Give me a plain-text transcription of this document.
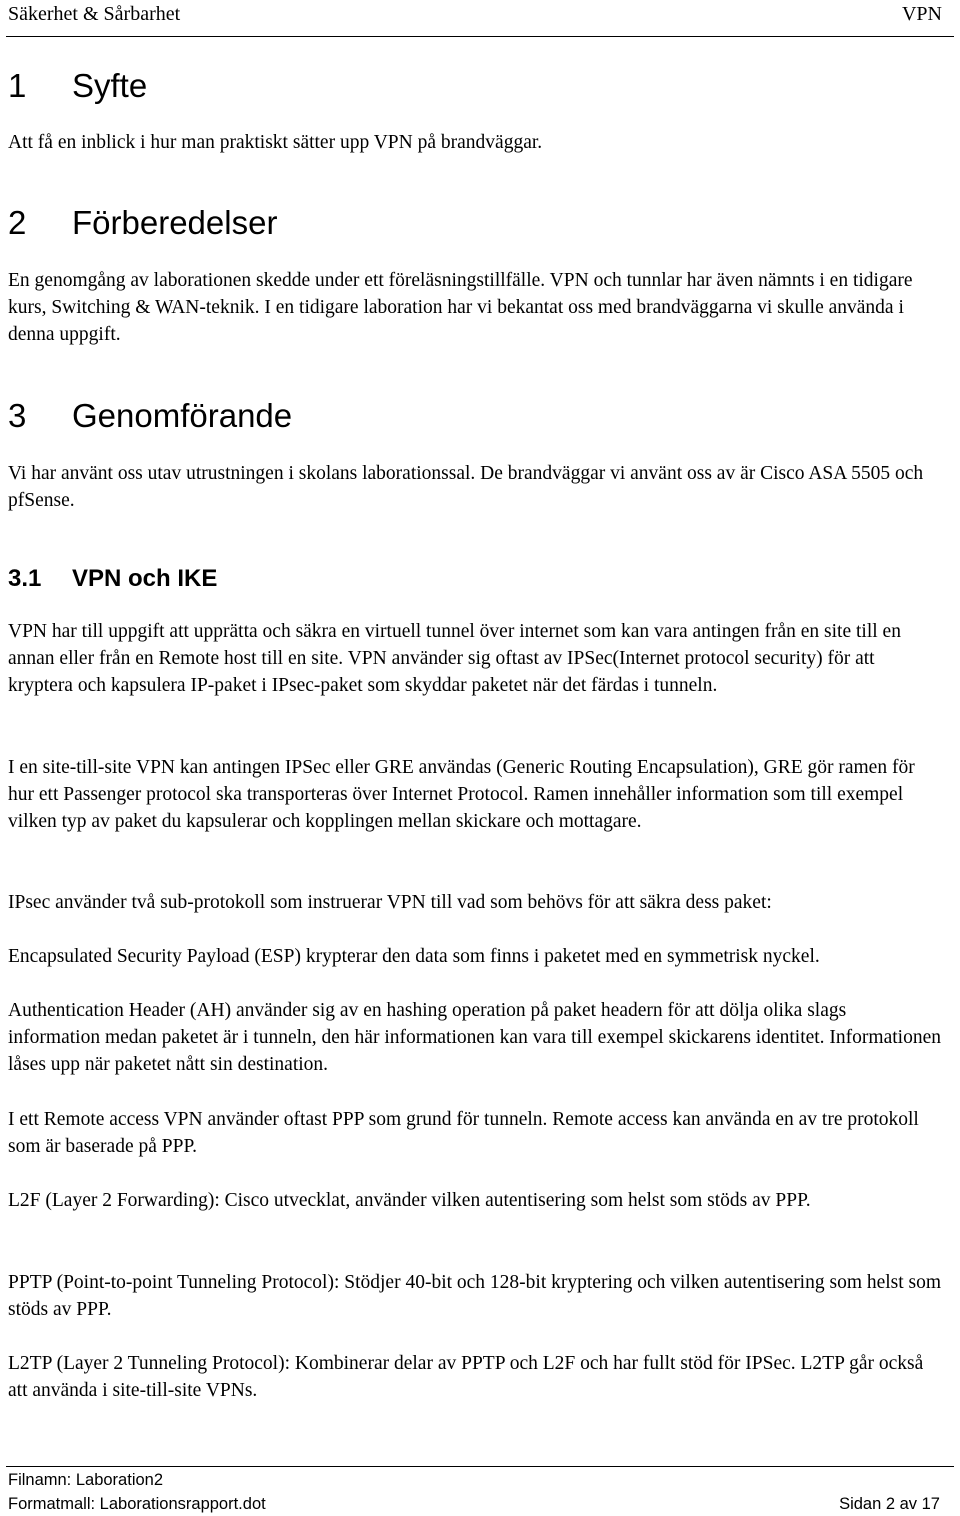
Säkerhet & Sårbarhet	VPN
1 Syfte
Att få en inblick i hur man praktiskt sätter upp VPN på brandväggar.
2 Förberedelser
En genomgång av laborationen skedde under ett föreläsningstillfälle. VPN och tunnlar har även nämnts i en tidigare kurs, Switching & WAN-teknik. I en tidigare laboration har vi bekantat oss med brandväggarna vi skulle använda i denna uppgift.
3 Genomförande
Vi har använt oss utav utrustningen i skolans laborationssal. De brandväggar vi använt oss av är Cisco ASA 5505 och pfSense.
3.1 VPN och IKE
VPN har till uppgift att upprätta och säkra en virtuell tunnel över internet som kan vara antingen från en site till en annan eller från en Remote host till en site. VPN använder sig oftast av IPSec(Internet protocol security) för att kryptera och kapsulera IP-paket i IPsec-paket som skyddar paketet när det färdas i tunneln.
I en site-till-site VPN kan antingen IPSec eller GRE användas (Generic Routing Encapsulation), GRE gör ramen för hur ett Passenger protocol ska transporteras över Internet Protocol. Ramen innehåller information som till exempel vilken typ av paket du kapsulerar och kopplingen mellan skickare och mottagare.
IPsec använder två sub-protokoll som instruerar VPN till vad som behövs för att säkra dess paket:
Encapsulated Security Payload (ESP) krypterar den data som finns i paketet med en symmetrisk nyckel.
Authentication Header (AH) använder sig av en hashing operation på paket headern för att dölja olika slags information medan paketet är i tunneln, den här informationen kan vara till exempel skickarens identitet. Informationen låses upp när paketet nått sin destination.
I ett Remote access VPN använder oftast PPP som grund för tunneln. Remote access kan använda en av tre protokoll som är baserade på PPP.
L2F (Layer 2 Forwarding): Cisco utvecklat, använder vilken autentisering som helst som stöds av PPP.
PPTP (Point-to-point Tunneling Protocol): Stödjer 40-bit och 128-bit kryptering och vilken autentisering som helst som stöds av PPP.
L2TP (Layer 2 Tunneling Protocol): Kombinerar delar av PPTP och L2F och har fullt stöd för IPSec. L2TP går också att använda i site-till-site VPNs.
Filnamn: Laboration2
Formatmall: Laborationsrapport.dot	Sidan 2 av 17
